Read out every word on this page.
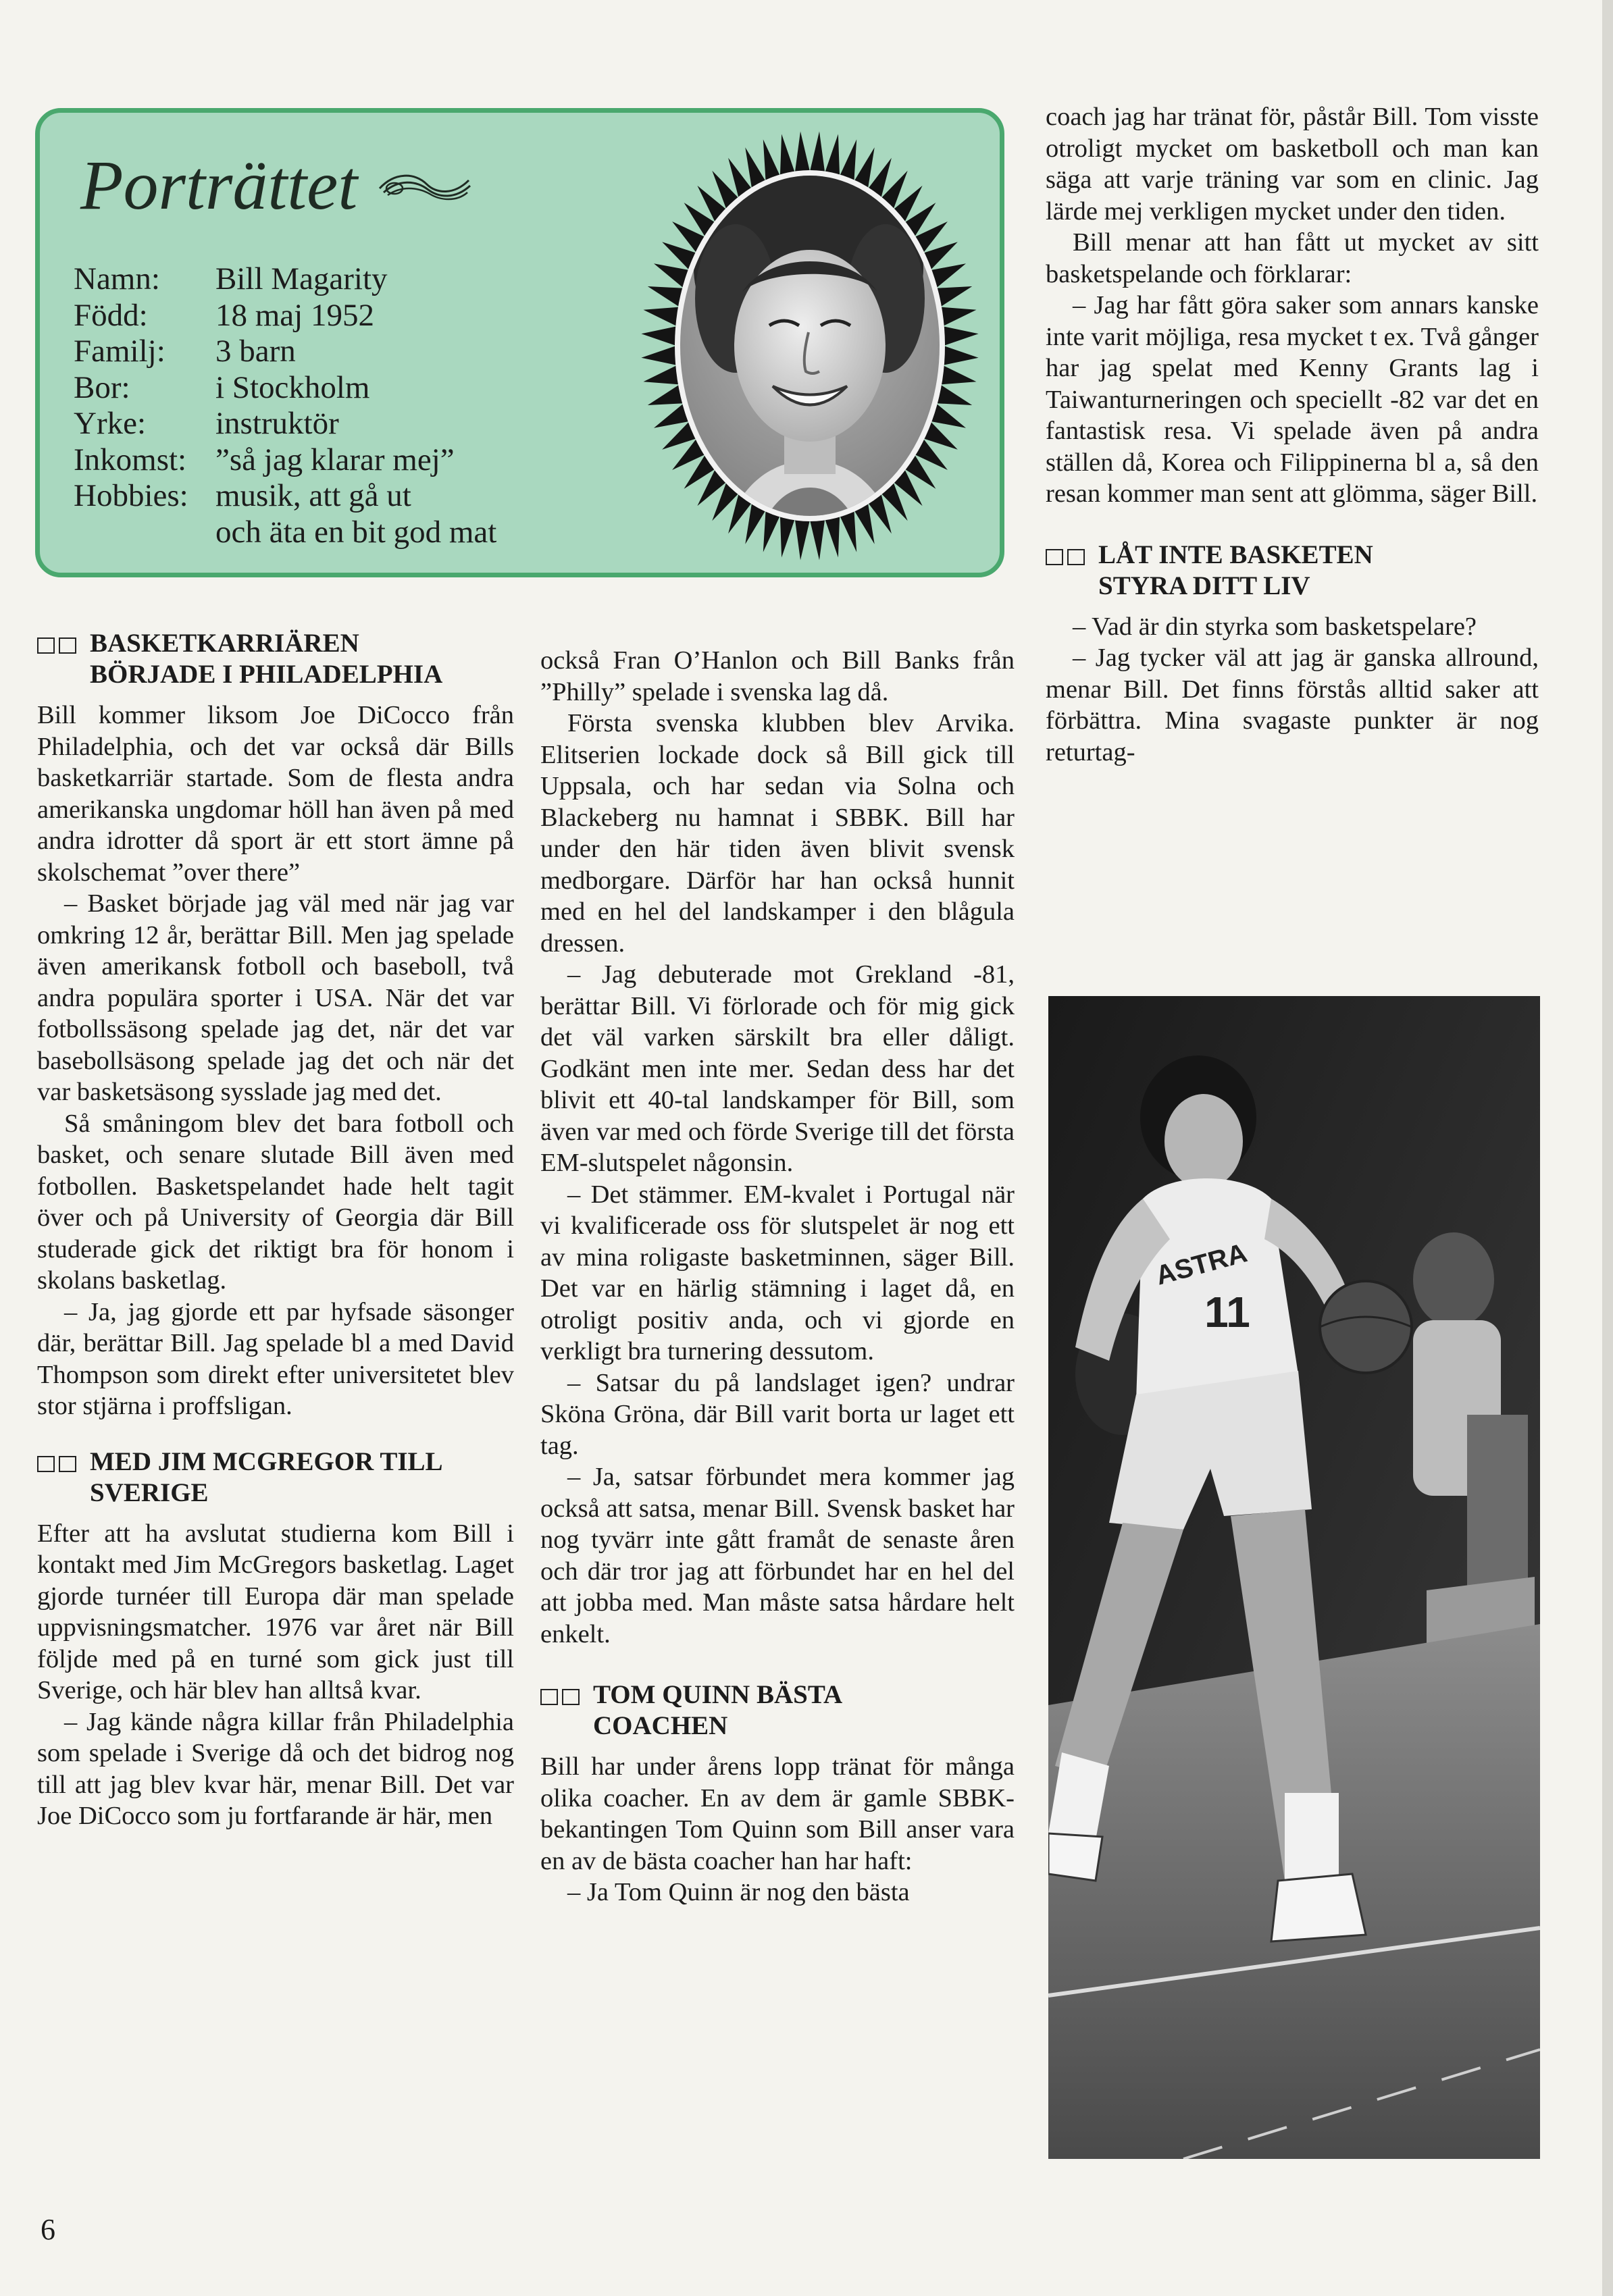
Porträttet
Namn: Bill Magarity
Född: 18 maj 1952
Familj: 3 barn
Bor:	i Stockholm
Yrke: instruktör
Inkomst: ”så jag klarar mej”
Hobbies: musik, att gå ut
och äta en bit god mat
BASKETKARRIÄREN
BÖRJADE I PHILADELPHIA

Bill kommer liksom Joe DiCocco från Philadelphia, och det var också där Bills basketkarriär startade. Som de flesta andra amerikanska ungdomar höll han även på med andra idrotter då sport är ett stort ämne på skolschemat ”over there”

– Basket började jag väl med när jag var omkring 12 år, berättar Bill. Men jag spelade även amerikansk fotboll och baseboll, två andra populära sporter i USA. När det var fotbollssäsong spelade jag det, när det var basebollsäsong spelade jag det och när det var basketsäsong sysslade jag med det.

Så småningom blev det bara fotboll och basket, och senare slutade Bill även med fotbollen. Basketspelandet hade helt tagit över och på University of Georgia där Bill studerade gick det riktigt bra för honom i skolans basketlag.

– Ja, jag gjorde ett par hyfsade säsonger där, berättar Bill. Jag spelade bl a med David Thompson som direkt efter universitetet blev stor stjärna i proffsligan.

MED JIM MCGREGOR TILL
SVERIGE

Efter att ha avslutat studierna kom Bill i kontakt med Jim McGregors basketlag. Laget gjorde turnéer till Europa där man spelade uppvisningsmatcher. 1976 var året när Bill följde med på en turné som gick just till Sverige, och här blev han alltså kvar.

– Jag kände några killar från Philadelphia som spelade i Sverige då och det bidrog nog till att jag blev kvar här, menar Bill. Det var Joe DiCocco som ju fortfarande är här, men

också Fran O’Hanlon och Bill Banks från ”Philly” spelade i svenska lag då.

Första svenska klubben blev Arvika. Elitserien lockade dock så Bill gick till Uppsala, och har sedan via Solna och Blackeberg nu hamnat i SBBK. Bill har under den här tiden även blivit svensk medborgare. Därför har han också hunnit med en hel del landskamper i den blågula dressen.

– Jag debuterade mot Grekland -81, berättar Bill. Vi förlorade och för mig gick det väl varken särskilt bra eller dåligt. Godkänt men inte mer. Sedan dess har det blivit ett 40-tal landskamper för Bill, som även var med och förde Sverige till det första EM-slutspelet någonsin.

– Det stämmer. EM-kvalet i Portugal när vi kvalificerade oss för slutspelet är nog ett av mina roligaste basketminnen, säger Bill. Det var en härlig stämning i laget då, en otroligt positiv anda, och vi gjorde en verkligt bra turnering dessutom.

– Satsar du på landslaget igen? undrar Sköna Gröna, där Bill varit borta ur laget ett tag.

– Ja, satsar förbundet mera kommer jag också att satsa, menar Bill. Svensk basket har nog tyvärr inte gått framåt de senaste åren och där tror jag att förbundet har en hel del att jobba med. Man måste satsa hårdare helt enkelt.

TOM QUINN BÄSTA
COACHEN

Bill har under årens lopp tränat för många olika coacher. En av dem är gamle SBBK-bekantingen Tom Quinn som Bill anser vara en av de bästa coacher han har haft:

– Ja Tom Quinn är nog den bästa

coach jag har tränat för, påstår Bill. Tom visste otroligt mycket om basketboll och man kan säga att varje träning var som en clinic. Jag lärde mej verkligen mycket under den tiden.

Bill menar att han fått ut mycket av sitt basketspelande och förklarar:

– Jag har fått göra saker som annars kanske inte varit möjliga, resa mycket t ex. Två gånger har jag spelat med Kenny Grants lag i Taiwanturneringen och speciellt -82 var det en fantastisk resa. Vi spelade även på andra ställen då, Korea och Filippinerna bl a, så den resan kommer man sent att glömma, säger Bill.

LÅT INTE BASKETEN
STYRA DITT LIV

– Vad är din styrka som basketspelare?

– Jag tycker väl att jag är ganska allround, menar Bill. Det finns förstås alltid saker att förbättra. Mina svagaste punkter är nog returtag-

ASTRA
11
6
